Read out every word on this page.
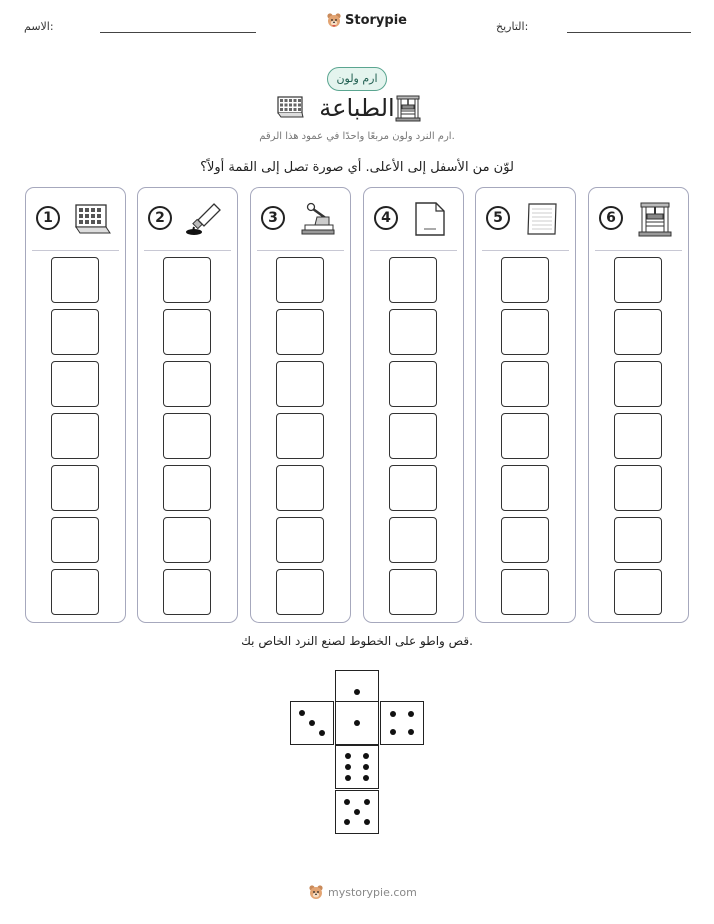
الاسم:	Storypie	التاريخ:
ارم ولون
الطباعة
ارم النرد ولون مربعًا واحدًا في عمود هذا الرقم.
لوّن من الأسفل إلى الأعلى. أي صورة تصل إلى القمة أولاً؟
1	2	3	4	5	6
قص واطو على الخطوط لصنع النرد الخاص بك.
mystorypie.com
